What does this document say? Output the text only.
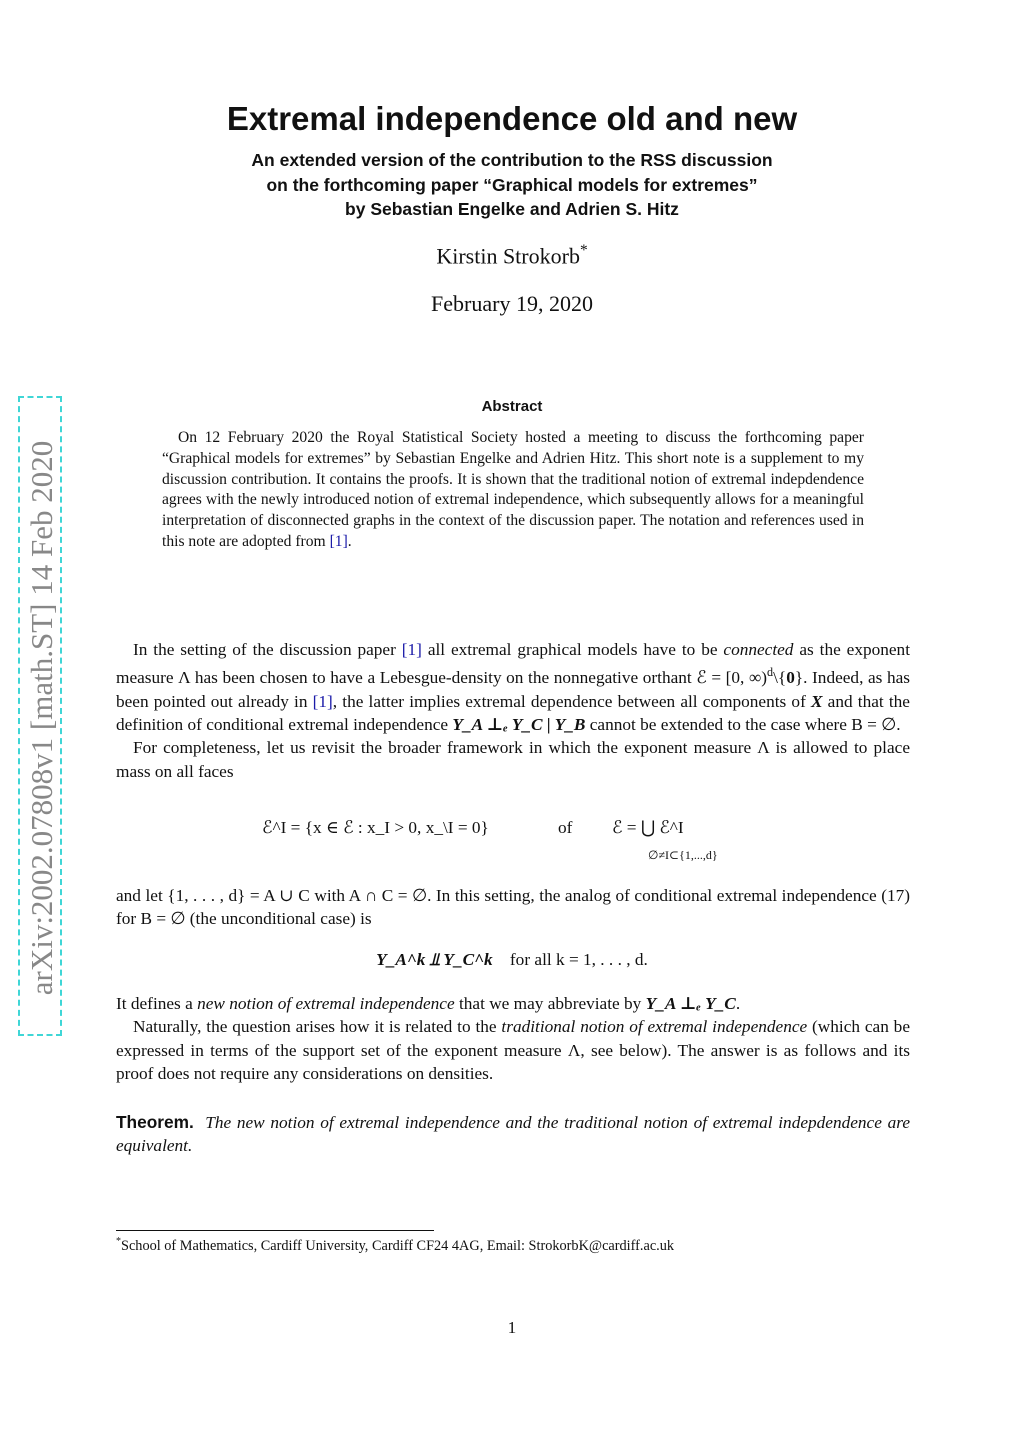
arXiv:2002.07808v1 [math.ST] 14 Feb 2020
Extremal independence old and new
An extended version of the contribution to the RSS discussion
on the forthcoming paper “Graphical models for extremes”
by Sebastian Engelke and Adrien S. Hitz
Kirstin Strokorb*
February 19, 2020
Abstract

On 12 February 2020 the Royal Statistical Society hosted a meeting to discuss the forthcoming paper “Graphical models for extremes” by Sebastian Engelke and Adrien Hitz. This short note is a supplement to my discussion contribution. It contains the proofs. It is shown that the traditional notion of extremal indepdendence agrees with the newly introduced notion of extremal independence, which subsequently allows for a meaningful interpretation of disconnected graphs in the context of the discussion paper. The notation and references used in this note are adopted from [1].

In the setting of the discussion paper [1] all extremal graphical models have to be connected as the exponent measure Λ has been chosen to have a Lebesgue-density on the nonnegative orthant ℰ = [0, ∞)$^d$\{0}. Indeed, as has been pointed out already in [1], the latter implies extremal dependence between all components of X and that the definition of conditional extremal independence Y_A ⊥ₑ Y_C | Y_B cannot be extended to the case where B = ∅.

For completeness, let us revisit the broader framework in which the exponent measure Λ is allowed to place mass on all faces

ℰ^I = {x ∈ ℰ : x_I > 0, x_\I = 0}	of ℰ = ⋃ ℰ^I
∅≠I⊂{1,...,d}

and let {1, . . . , d} = A ∪ C with A ∩ C = ∅. In this setting, the analog of conditional extremal independence (17) for B = ∅ (the unconditional case) is

Y_A^k ⫫ Y_C^k for all k = 1, . . . , d.

It defines a new notion of extremal independence that we may abbreviate by Y_A ⊥ₑ Y_C.

Naturally, the question arises how it is related to the traditional notion of extremal independence (which can be expressed in terms of the support set of the exponent measure Λ, see below). The answer is as follows and its proof does not require any considerations on densities.

Theorem. The new notion of extremal independence and the traditional notion of extremal indepdendence are equivalent.
*School of Mathematics, Cardiff University, Cardiff CF24 4AG, Email: StrokorbK@cardiff.ac.uk
1
